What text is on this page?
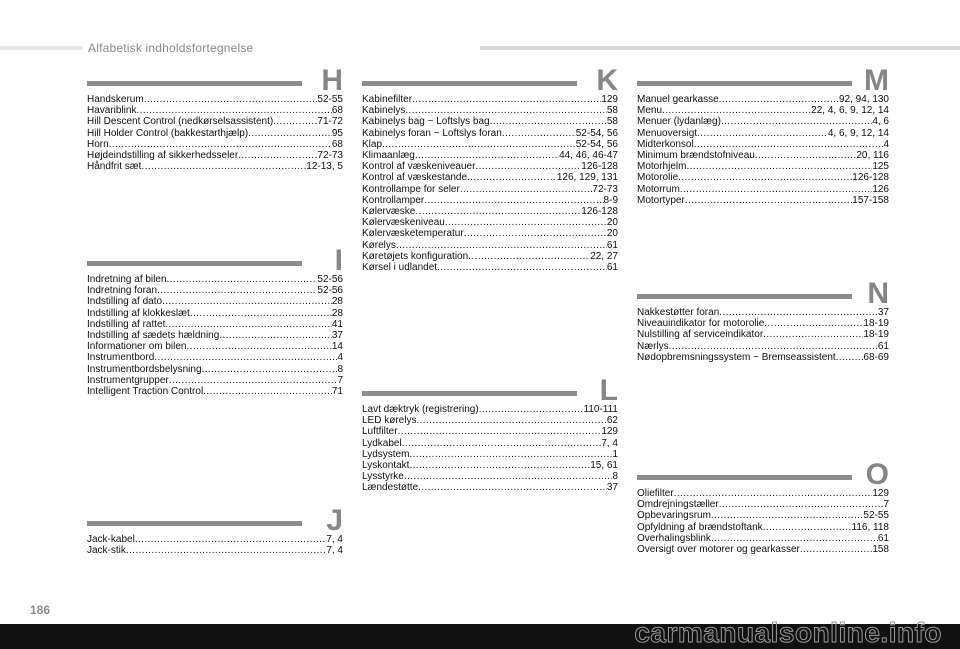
Alfabetisk indholdsfortegnelse
H
Handskerum .....	52-55
Havariblink .....	68
Hill Descent Control (nedkørselsassistent) .....	71-72
Hill Holder Control (bakkestarthjælp) .....	95
Horn .....	68
Højdeindstilling af sikkerhedsseler .....	72-73
Håndfrit sæt .....	12-13, 5
I
Indretning af bilen .....	52-56
Indretning foran .....	52-56
Indstilling af dato .....	28
Indstilling af klokkeslæt .....	28
Indstilling af rattet .....	41
Indstilling af sædets hældning .....	37
Informationer om bilen .....	14
Instrumentbord .....	4
Instrumentbordsbelysning .....	8
Instrumentgrupper .....	7
Intelligent Traction Control .....	71
J
Jack-kabel .....	7, 4
Jack-stik .....	7, 4
K
Kabinefilter .....	129
Kabinelys .....	58
Kabinelys bag ~ Loftslys bag .....	58
Kabinelys foran ~ Loftslys foran .....	52-54, 56
Klap .....	52-54, 56
Klimaanlæg .....	44, 46, 46-47
Kontrol af væskeniveauer .....	126-128
Kontrol af væskestande .....	126, 129, 131
Kontrollampe for seler .....	72-73
Kontrollamper .....	8-9
Kølervæske .....	126-128
Kølervæskeniveau .....	20
Kølervæsketemperatur .....	20
Kørelys .....	61
Køretøjets konfiguration .....	22, 27
Kørsel i udlandet .....	61
L
Lavt dæktryk (registrering) .....	110-111
LED kørelys .....	62
Luftfilter .....	129
Lydkabel .....	7, 4
Lydsystem .....	1
Lyskontakt .....	15, 61
Lysstyrke .....	8
Lændestøtte .....	37
M
Manuel gearkasse .....	92, 94, 130
Menu .....	22, 4, 6, 9, 12, 14
Menuer (lydanlæg) .....	4, 6
Menuoversigt .....	4, 6, 9, 12, 14
Midterkonsol .....	4
Minimum brændstofniveau .....	20, 116
Motorhjelm .....	125
Motorolie .....	126-128
Motorrum .....	126
Motortyper .....	157-158
N
Nakkestøtter foran .....	37
Niveauindikator for motorolie .....	18-19
Nulstilling af serviceindikator .....	18-19
Nærlys .....	61
Nødopbremsningssystem ~ Bremseassistent .....	68-69
O
Oliefilter .....	129
Omdrejningstæller .....	7
Opbevaringsrum .....	52-55
Opfyldning af brændstoftank .....	116, 118
Overhalingsblink .....	61
Oversigt over motorer og gearkasser .....	158
186
carmanualsonline.info
